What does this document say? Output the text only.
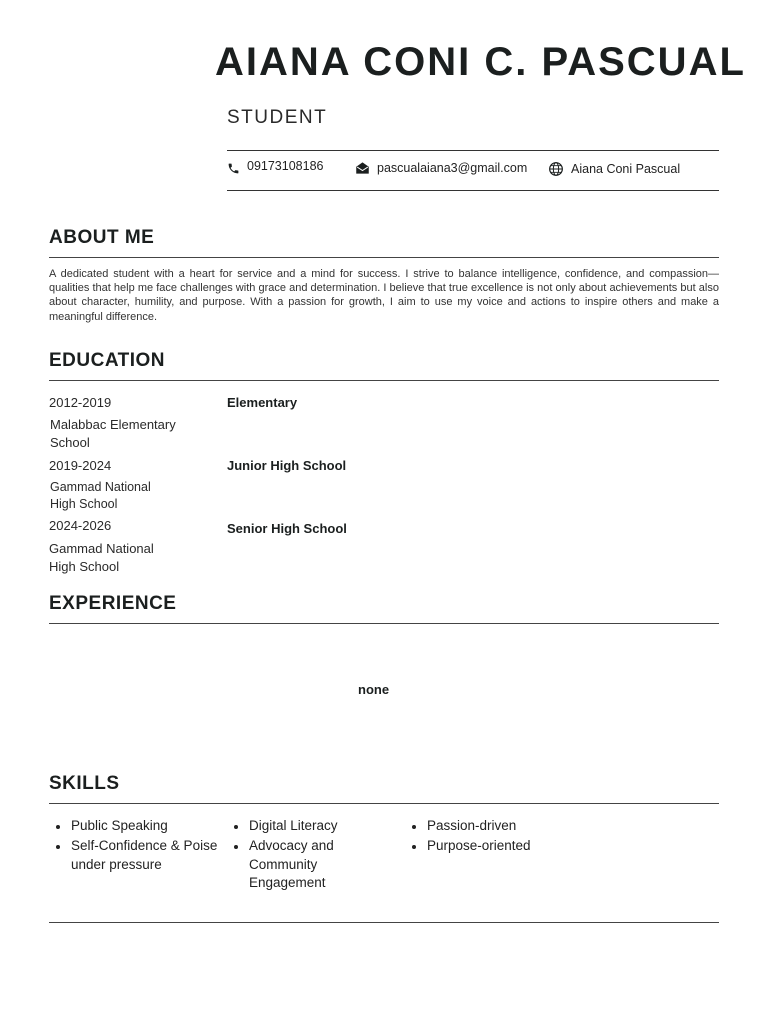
AIANA CONI C. PASCUAL
STUDENT
09173108186	pascualaiana3@gmail.com	Aiana Coni Pascual
ABOUT ME
A dedicated student with a heart for service and a mind for success. I strive to balance intelligence, confidence, and compassion—qualities that help me face challenges with grace and determination. I believe that true excellence is not only about achievements but also about character, humility, and purpose. With a passion for growth, I aim to use my voice and actions to inspire others and make a meaningful difference.
EDUCATION
2012-2019	Elementary
Malabbac Elementary School
2019-2024	Junior High School
Gammad National High School
2024-2026	Senior High School
Gammad National High School
EXPERIENCE
none
SKILLS
Public Speaking
Self-Confidence & Poise under pressure
Digital Literacy
Advocacy and Community Engagement
Passion-driven
Purpose-oriented
